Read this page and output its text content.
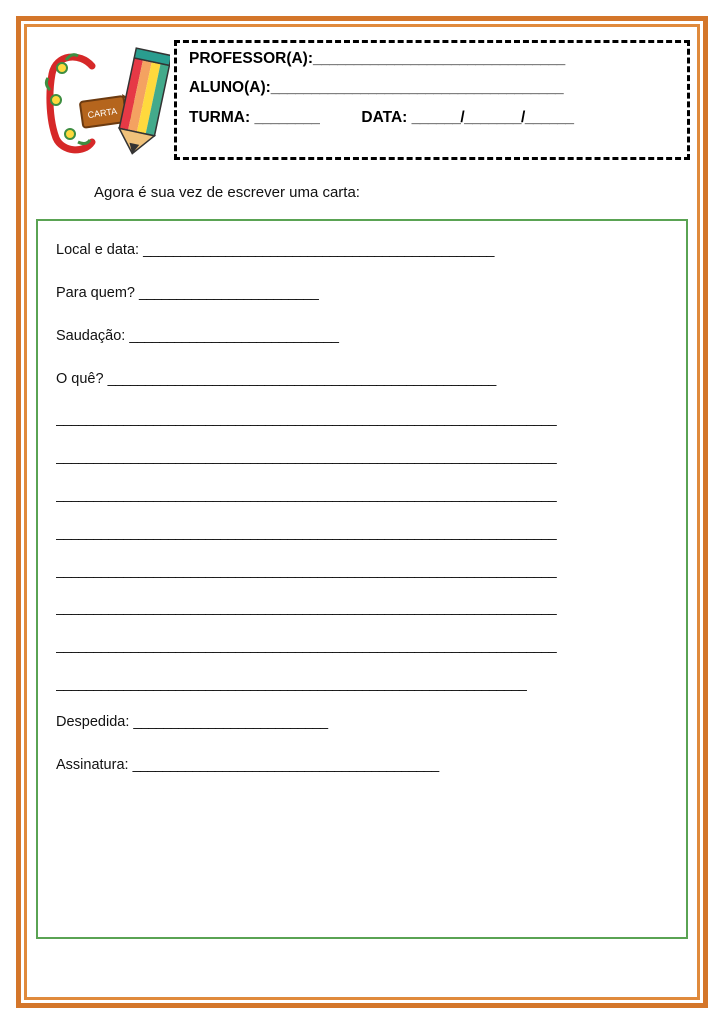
CARTA
PROFESSOR(A):_______________________________
ALUNO(A):____________________________________
TURMA: ________	DATA: ______/_______/______
Agora é sua vez de escrever uma carta:
Local e data: _______________________________________________
Para quem? ________________________
Saudação: ____________________________
O quê? ____________________________________________________
___________________________________________________________________
___________________________________________________________________
___________________________________________________________________
___________________________________________________________________
___________________________________________________________________
___________________________________________________________________
___________________________________________________________________
_______________________________________________________________
Despedida: __________________________
Assinatura: _________________________________________
